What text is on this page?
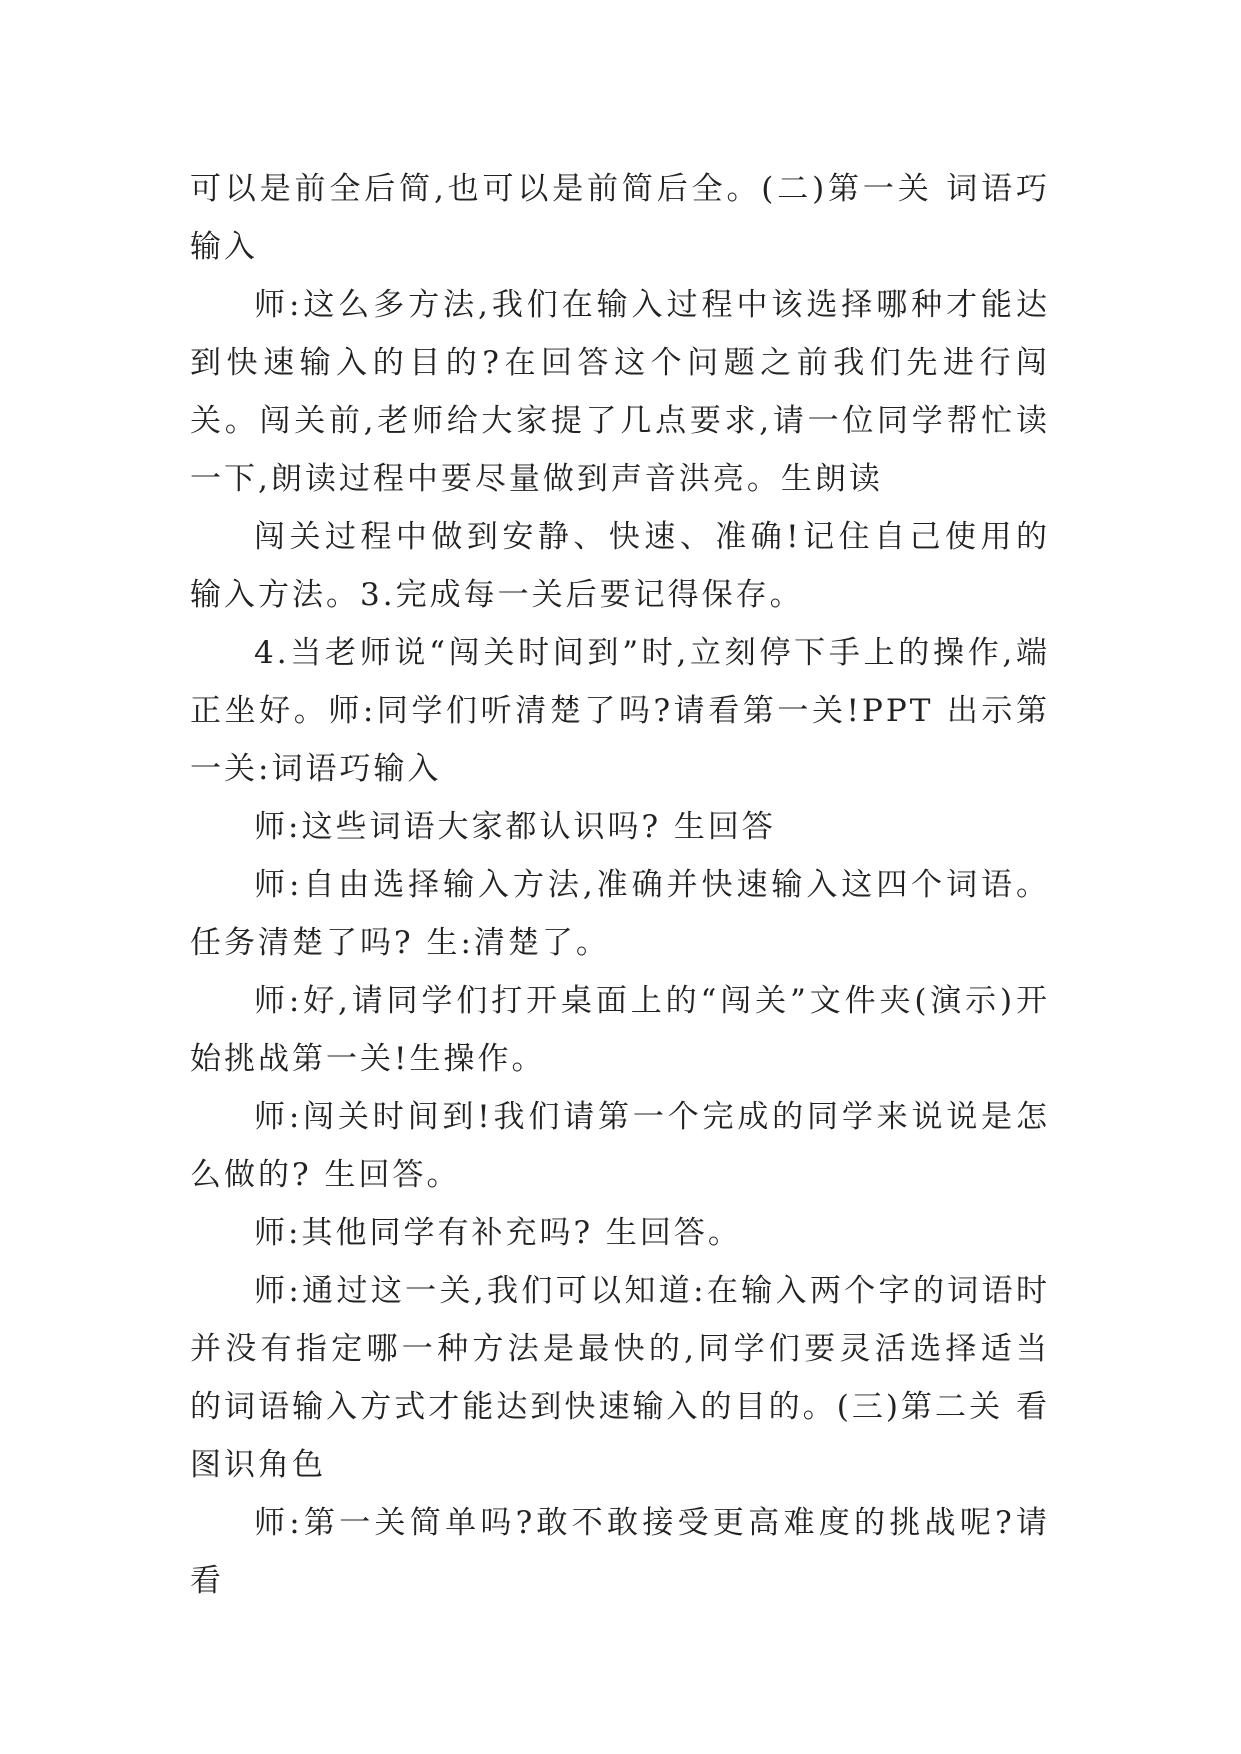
可以是前全后简,也可以是前简后全。(二)第一关 词语巧输入

师:这么多方法,我们在输入过程中该选择哪种才能达到快速输入的目的?在回答这个问题之前我们先进行闯关。闯关前,老师给大家提了几点要求,请一位同学帮忙读一下,朗读过程中要尽量做到声音洪亮。生朗读

闯关过程中做到安静、快速、准确!记住自己使用的输入方法。3.完成每一关后要记得保存。

4.当老师说“闯关时间到”时,立刻停下手上的操作,端正坐好。师:同学们听清楚了吗?请看第一关!PPT 出示第一关:词语巧输入

师:这些词语大家都认识吗? 生回答

师:自由选择输入方法,准确并快速输入这四个词语。任务清楚了吗? 生:清楚了。

师:好,请同学们打开桌面上的“闯关”文件夹(演示)开始挑战第一关!生操作。

师:闯关时间到!我们请第一个完成的同学来说说是怎么做的? 生回答。

师:其他同学有补充吗? 生回答。

师:通过这一关,我们可以知道:在输入两个字的词语时并没有指定哪一种方法是最快的,同学们要灵活选择适当的词语输入方式才能达到快速输入的目的。(三)第二关 看图识角色

师:第一关简单吗?敢不敢接受更高难度的挑战呢?请看
